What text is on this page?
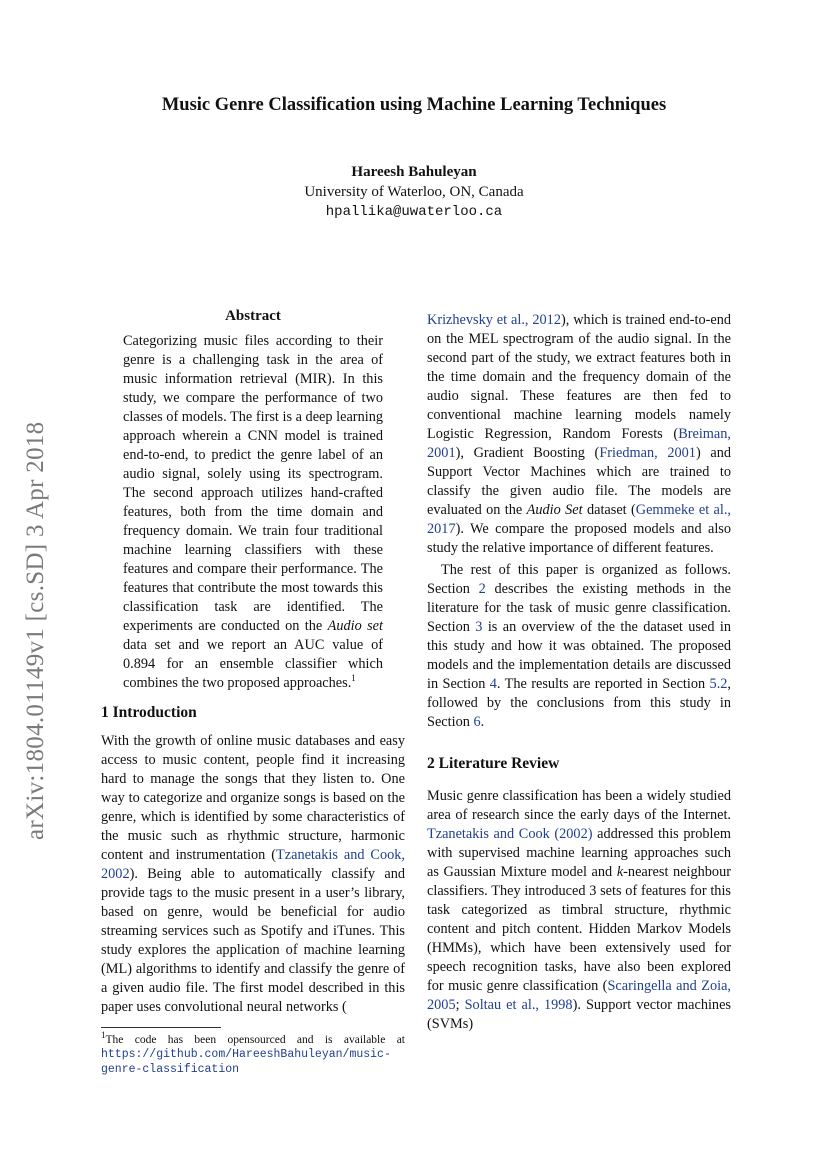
Music Genre Classification using Machine Learning Techniques
Hareesh Bahuleyan
University of Waterloo, ON, Canada
hpallika@uwaterloo.ca
arXiv:1804.01149v1 [cs.SD] 3 Apr 2018

Abstract

Categorizing music files according to their genre is a challenging task in the area of music information retrieval (MIR). In this study, we compare the performance of two classes of models. The first is a deep learning approach wherein a CNN model is trained end-to-end, to predict the genre label of an audio signal, solely using its spectrogram. The second approach utilizes hand-crafted features, both from the time domain and frequency domain. We train four traditional machine learning classifiers with these features and compare their performance. The features that contribute the most towards this classification task are identified. The experiments are conducted on the Audio set data set and we report an AUC value of 0.894 for an ensemble classifier which combines the two proposed approaches.$^1$

1 Introduction

With the growth of online music databases and easy access to music content, people find it increasing hard to manage the songs that they listen to. One way to categorize and organize songs is based on the genre, which is identified by some characteristics of the music such as rhythmic structure, harmonic content and instrumentation (Tzanetakis and Cook, 2002). Being able to automatically classify and provide tags to the music present in a user’s library, based on genre, would be beneficial for audio streaming services such as Spotify and iTunes. This study explores the application of machine learning (ML) algorithms to identify and classify the genre of a given audio file. The first model described in this paper uses convolutional neural networks (

$^1$The code has been opensourced and is available at https://github.com/HareeshBahuleyan/music-genre-classification

Krizhevsky et al., 2012), which is trained end-to-end on the MEL spectrogram of the audio signal. In the second part of the study, we extract features both in the time domain and the frequency domain of the audio signal. These features are then fed to conventional machine learning models namely Logistic Regression, Random Forests (Breiman, 2001), Gradient Boosting (Friedman, 2001) and Support Vector Machines which are trained to classify the given audio file. The models are evaluated on the Audio Set dataset (Gemmeke et al., 2017). We compare the proposed models and also study the relative importance of different features.

The rest of this paper is organized as follows. Section 2 describes the existing methods in the literature for the task of music genre classification. Section 3 is an overview of the the dataset used in this study and how it was obtained. The proposed models and the implementation details are discussed in Section 4. The results are reported in Section 5.2, followed by the conclusions from this study in Section 6.

2 Literature Review

Music genre classification has been a widely studied area of research since the early days of the Internet. Tzanetakis and Cook (2002) addressed this problem with supervised machine learning approaches such as Gaussian Mixture model and k-nearest neighbour classifiers. They introduced 3 sets of features for this task categorized as timbral structure, rhythmic content and pitch content. Hidden Markov Models (HMMs), which have been extensively used for speech recognition tasks, have also been explored for music genre classification (Scaringella and Zoia, 2005; Soltau et al., 1998). Support vector machines (SVMs)
